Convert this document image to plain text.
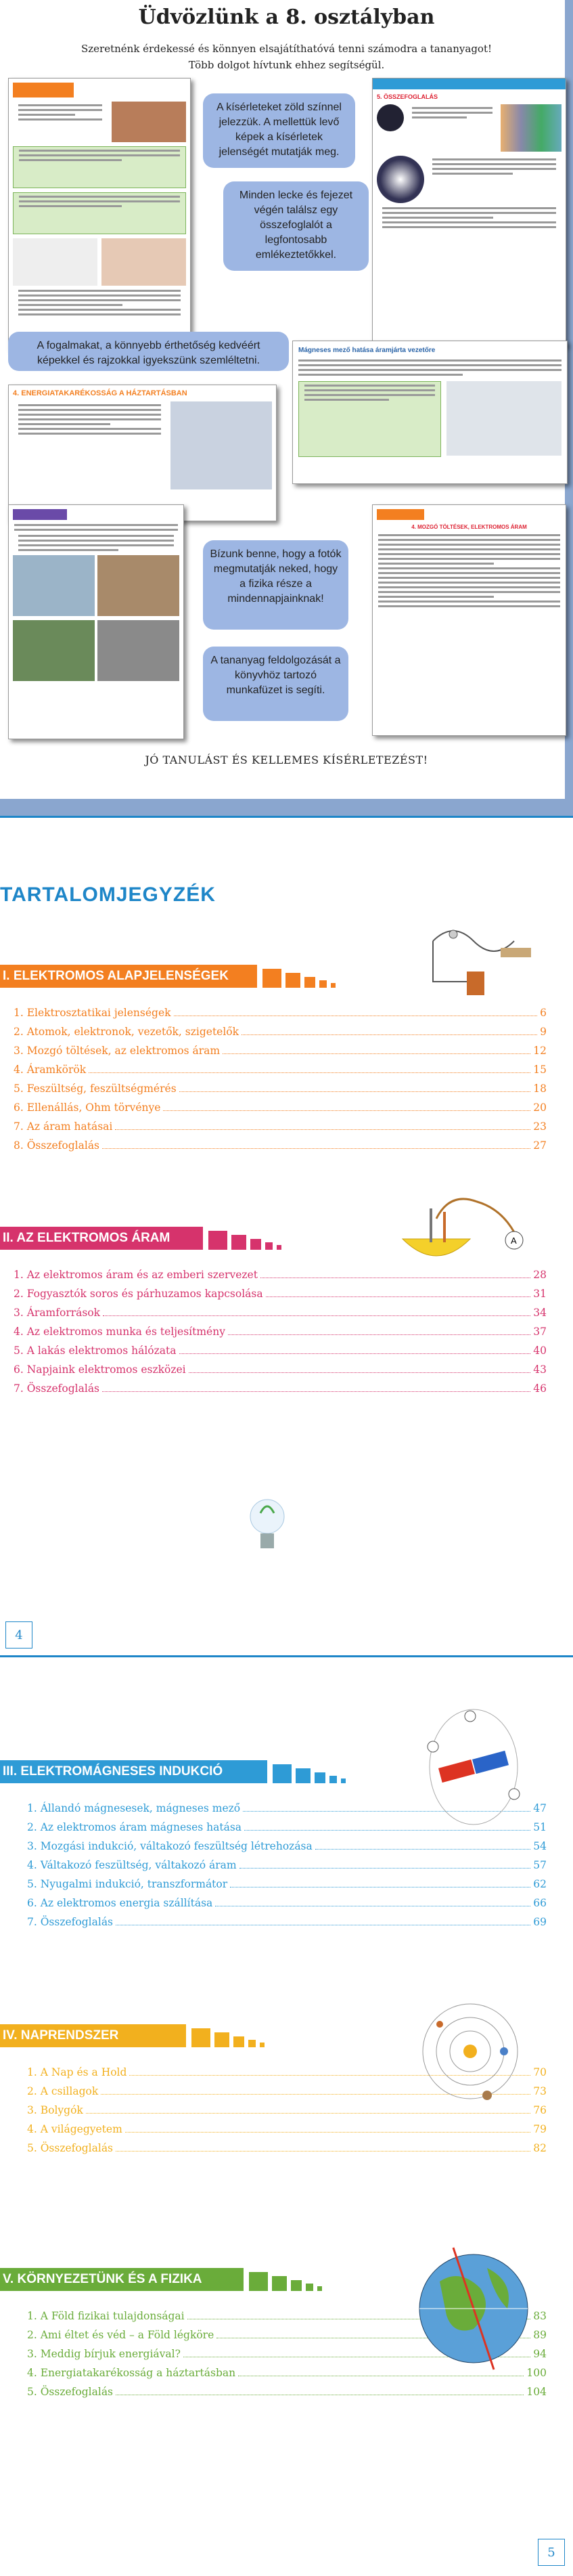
Üdvözlünk a 8. osztályban
Szeretnénk érdekessé és könnyen elsajátíthatóvá tenni számodra a tananyagot!
Több dolgot hívtunk ehhez segítségül.
5. ÖSSZEFOGLALÁS
A kísérleteket zöld színnel jelezzük. A mellettük levő képek a kísérletek jelenségét mutatják meg.
Minden lecke és fejezet végén találsz egy összefoglalót a legfontosabb emlékeztetőkkel.
A fogalmakat, a könnyebb érthetőség kedvéért képekkel és rajzokkal igyekszünk szemléltetni.
Mágneses mező hatása áramjárta vezetőre
4. ENERGIATAKARÉKOSSÁG A HÁZTARTÁSBAN
Bízunk benne, hogy a fotók megmutatják neked, hogy a fizika része a mindennapjainknak!
A tananyag feldolgozását a könyvhöz tartozó munkafüzet is segíti.
4. MOZGÓ TÖLTÉSEK, ELEKTROMOS ÁRAM
JÓ TANULÁST ÉS KELLEMES KÍSÉRLETEZÉST!
TARTALOMJEGYZÉK
I. ELEKTROMOS ALAPJELENSÉGEK
1. Elektrosztatikai jelenségek	6
2. Atomok, elektronok, vezetők, szigetelők	9
3. Mozgó töltések, az elektromos áram	12
4. Áramkörök	15
5. Feszültség, feszültségmérés	18
6. Ellenállás, Ohm törvénye	20
7. Az áram hatásai	23
8. Összefoglalás	27
II. AZ ELEKTROMOS ÁRAM
1. Az elektromos áram és az emberi szervezet	28
2. Fogyasztók soros és párhuzamos kapcsolása	31
3. Áramforrások	34
4. Az elektromos munka és teljesítmény	37
5. A lakás elektromos hálózata	40
6. Napjaink elektromos eszközei	43
7. Összefoglalás	46
III. ELEKTROMÁGNESES INDUKCIÓ
1. Állandó mágnesesek, mágneses mező	47
2. Az elektromos áram mágneses hatása	51
3. Mozgási indukció, váltakozó feszültség létrehozása	54
4. Váltakozó feszültség, váltakozó áram	57
5. Nyugalmi indukció, transzformátor	62
6. Az elektromos energia szállítása	66
7. Összefoglalás	69
IV. NAPRENDSZER
1. A Nap és a Hold	70
2. A csillagok	73
3. Bolygók	76
4. A világegyetem	79
5. Összefoglalás	82
V. KÖRNYEZETÜNK ÉS A FIZIKA
1. A Föld fizikai tulajdonságai	83
2. Ami éltet és véd – a Föld légköre	89
3. Meddig bírjuk energiával?	94
4. Energiatakarékosság a háztartásban	100
5. Összefoglalás	104
A
4
5
